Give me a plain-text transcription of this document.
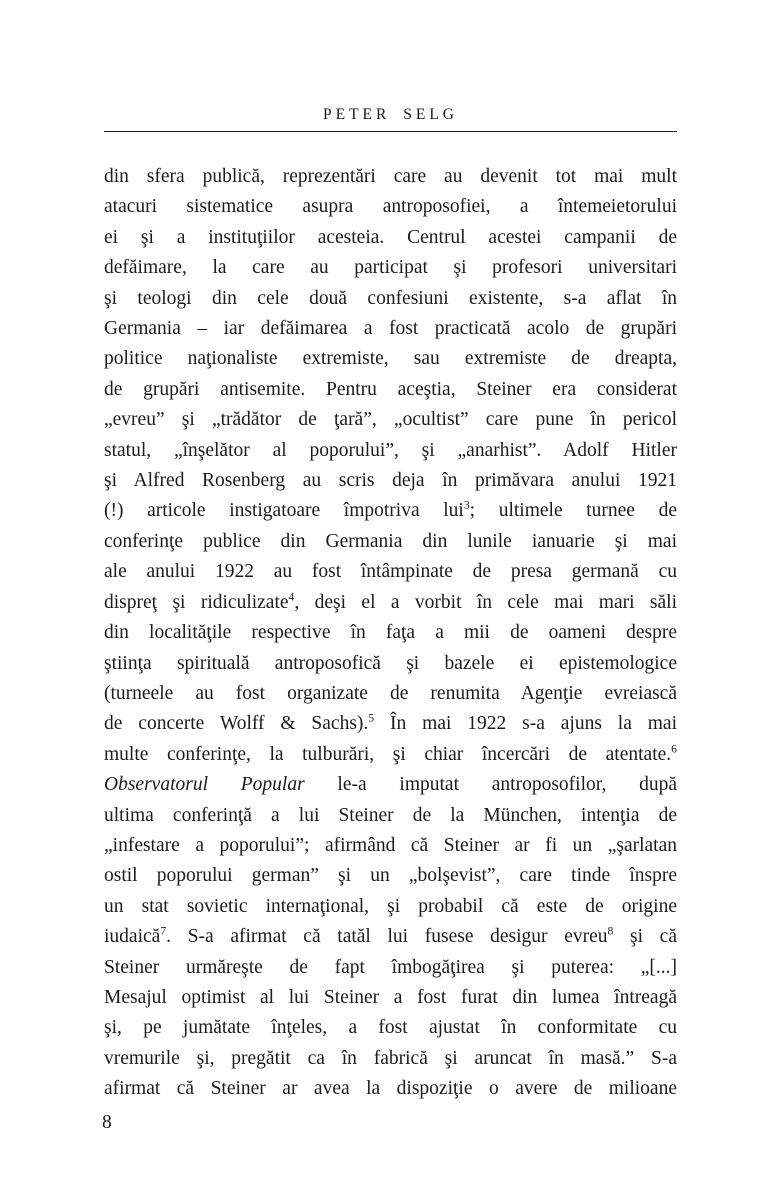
PETER SELG
din sfera publică, reprezentări care au devenit tot mai mult
atacuri sistematice asupra antroposofiei, a întemeietorului
ei şi a instituţiilor acesteia. Centrul acestei campanii de
defăimare, la care au participat şi profesori universitari
şi teologi din cele două confesiuni existente, s-a aflat în
Germania – iar defăimarea a fost practicată acolo de grupări
politice naţionaliste extremiste, sau extremiste de dreapta,
de grupări antisemite. Pentru aceştia, Steiner era considerat
„evreu” şi „trădător de ţară”, „ocultist” care pune în pericol
statul, „înşelător al poporului”, şi „anarhist”. Adolf Hitler
şi Alfred Rosenberg au scris deja în primăvara anului 1921
(!) articole instigatoare împotriva lui$^3$; ultimele turnee de
conferinţe publice din Germania din lunile ianuarie şi mai
ale anului 1922 au fost întâmpinate de presa germană cu
dispreţ şi ridiculizate$^4$, deşi el a vorbit în cele mai mari săli
din localităţile respective în faţa a mii de oameni despre
ştiinţa spirituală antroposofică şi bazele ei epistemologice
(turneele au fost organizate de renumita Agenţie evreiască
de concerte Wolff & Sachs).$^5$ În mai 1922 s-a ajuns la mai
multe conferinţe, la tulburări, şi chiar încercări de atentate.$^6$
Observatorul Popular le-a imputat antroposofilor, după
ultima conferinţă a lui Steiner de la München, intenţia de
„infestare a poporului”; afirmând că Steiner ar fi un „şarlatan
ostil poporului german” şi un „bolşevist”, care tinde înspre
un stat sovietic internaţional, şi probabil că este de origine
iudaică$^7$. S-a afirmat că tatăl lui fusese desigur evreu$^8$ şi că
Steiner urmăreşte de fapt îmbogăţirea şi puterea: „[...]
Mesajul optimist al lui Steiner a fost furat din lumea întreagă
şi, pe jumătate înţeles, a fost ajustat în conformitate cu
vremurile şi, pregătit ca în fabrică şi aruncat în masă.” S-a
afirmat că Steiner ar avea la dispoziţie o avere de milioane
8
